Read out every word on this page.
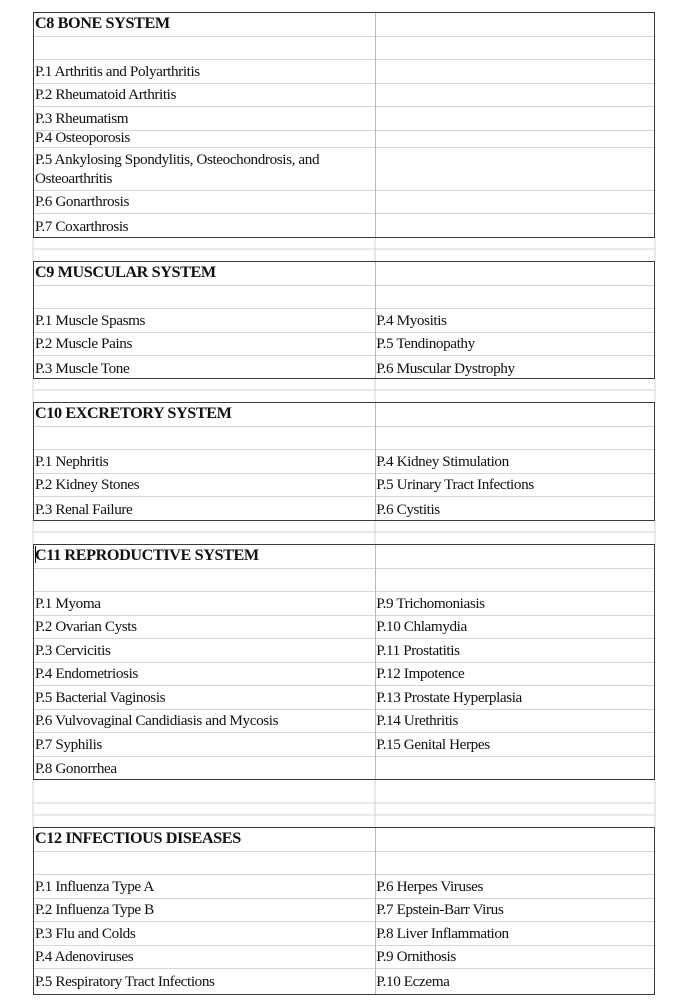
C8 BONE SYSTEM
P.1 Arthritis and Polyarthritis
P.2 Rheumatoid Arthritis
P.3 Rheumatism
P.4 Osteoporosis
P.5 Ankylosing Spondylitis, Osteochondrosis, and Osteoarthritis
P.6 Gonarthrosis
P.7 Coxarthrosis
C9 MUSCULAR SYSTEM
P.1 Muscle Spasms	P.4 Myositis
P.2 Muscle Pains	P.5 Tendinopathy
P.3 Muscle Tone	P.6 Muscular Dystrophy
C10 EXCRETORY SYSTEM
P.1 Nephritis	P.4 Kidney Stimulation
P.2 Kidney Stones	P.5 Urinary Tract Infections
P.3 Renal Failure	P.6 Cystitis
C11 REPRODUCTIVE SYSTEM
P.1 Myoma	P.9 Trichomoniasis
P.2 Ovarian Cysts	P.10 Chlamydia
P.3 Cervicitis	P.11 Prostatitis
P.4 Endometriosis	P.12 Impotence
P.5 Bacterial Vaginosis	P.13 Prostate Hyperplasia
P.6 Vulvovaginal Candidiasis and Mycosis	P.14 Urethritis
P.7 Syphilis	P.15 Genital Herpes
P.8 Gonorrhea
C12 INFECTIOUS DISEASES
P.1 Influenza Type A	P.6 Herpes Viruses
P.2 Influenza Type B	P.7 Epstein-Barr Virus
P.3 Flu and Colds	P.8 Liver Inflammation
P.4 Adenoviruses	P.9 Ornithosis
P.5 Respiratory Tract Infections	P.10 Eczema
